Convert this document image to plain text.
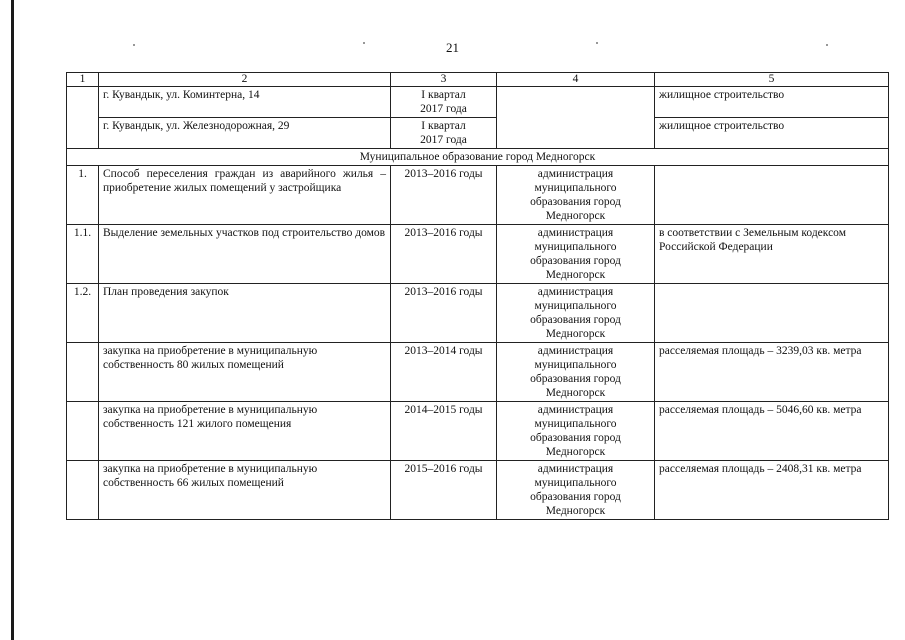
21
1	2	3	4	5
	г. Кувандык, ул. Коминтерна, 14	I квартал
2017 года		жилищное строительство
	г. Кувандык, ул. Железнодорожная, 29	I квартал
2017 года		жилищное строительство
Муниципальное образование город Медногорск				
1.	Способ переселения граждан из аварийного жилья – приобретение жилых помещений у застройщика	2013–2016 годы	администрация
муниципального
образования город
Медногорск	

1.1.	Выделение земельных участков под строительство домов	2013–2016 годы	администрация
муниципального
образования город
Медногорск	в соответствии с Земельным кодексом Российской Федерации
1.2.	План проведения закупок	2013–2016 годы	администрация
муниципального
образования город
Медногорск	

	закупка на приобретение в муниципальную собственность 80 жилых помещений	2013–2014 годы	администрация
муниципального
образования город
Медногорск	расселяемая площадь – 3239,03 кв. метра
	закупка на приобретение в муниципальную собственность 121 жилого помещения	2014–2015 годы	администрация
муниципального
образования город
Медногорск	расселяемая площадь – 5046,60 кв. метра
	закупка на приобретение в муниципальную собственность 66 жилых помещений	2015–2016 годы	администрация
муниципального
образования город
Медногорск	расселяемая площадь – 2408,31 кв. метра
